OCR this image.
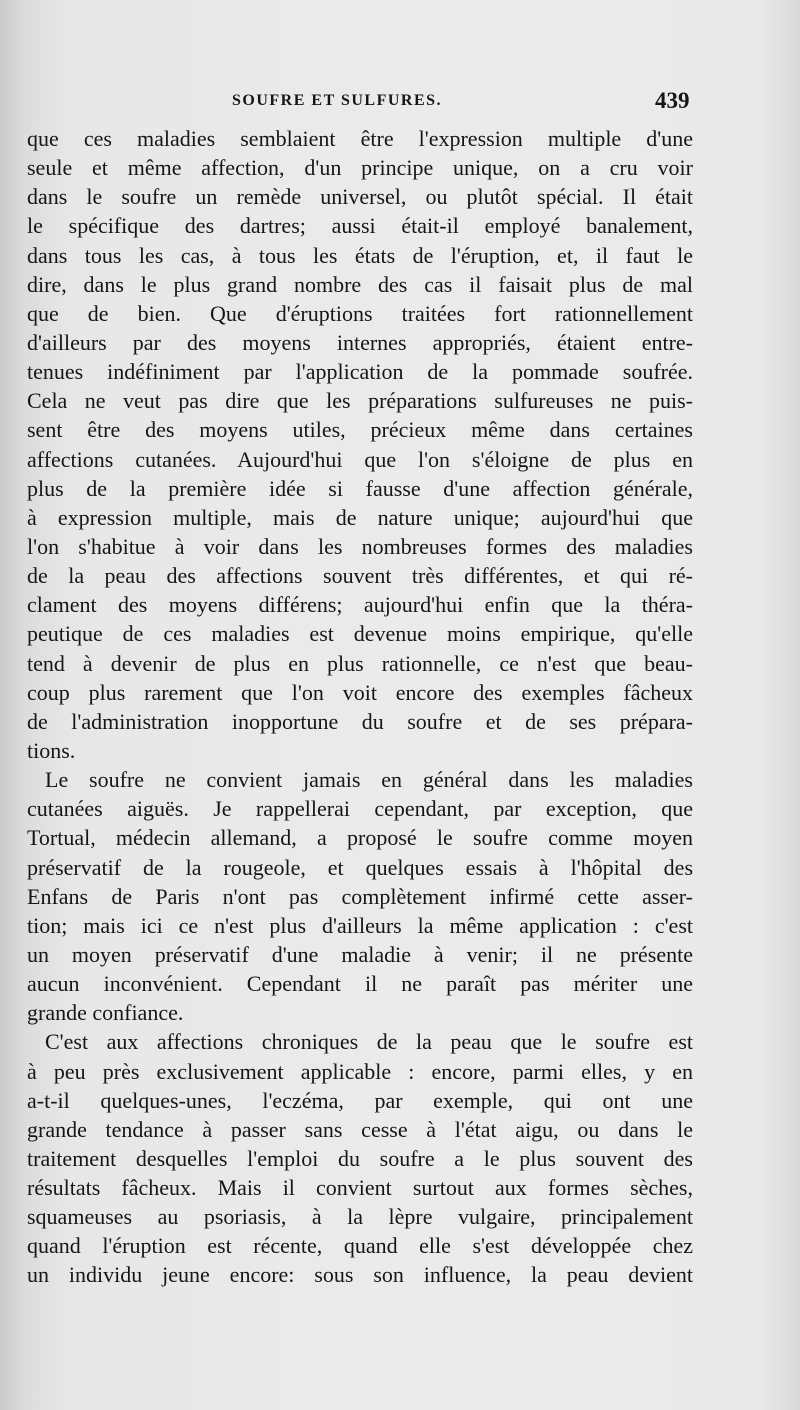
SOUFRE ET SULFURES.	439
que ces maladies semblaient être l'expression multiple d'une
seule et même affection, d'un principe unique, on a cru voir
dans le soufre un remède universel, ou plutôt spécial. Il était
le spécifique des dartres; aussi était-il employé banalement,
dans tous les cas, à tous les états de l'éruption, et, il faut le
dire, dans le plus grand nombre des cas il faisait plus de mal
que de bien. Que d'éruptions traitées fort rationnellement
d'ailleurs par des moyens internes appropriés, étaient entre-
tenues indéfiniment par l'application de la pommade soufrée.
Cela ne veut pas dire que les préparations sulfureuses ne puis-
sent être des moyens utiles, précieux même dans certaines
affections cutanées. Aujourd'hui que l'on s'éloigne de plus en
plus de la première idée si fausse d'une affection générale,
à expression multiple, mais de nature unique; aujourd'hui que
l'on s'habitue à voir dans les nombreuses formes des maladies
de la peau des affections souvent très différentes, et qui ré-
clament des moyens différens; aujourd'hui enfin que la théra-
peutique de ces maladies est devenue moins empirique, qu'elle
tend à devenir de plus en plus rationnelle, ce n'est que beau-
coup plus rarement que l'on voit encore des exemples fâcheux
de l'administration inopportune du soufre et de ses prépara-
tions.
Le soufre ne convient jamais en général dans les maladies
cutanées aiguës. Je rappellerai cependant, par exception, que
Tortual, médecin allemand, a proposé le soufre comme moyen
préservatif de la rougeole, et quelques essais à l'hôpital des
Enfans de Paris n'ont pas complètement infirmé cette asser-
tion; mais ici ce n'est plus d'ailleurs la même application : c'est
un moyen préservatif d'une maladie à venir; il ne présente
aucun inconvénient. Cependant il ne paraît pas mériter une
grande confiance.
C'est aux affections chroniques de la peau que le soufre est
à peu près exclusivement applicable : encore, parmi elles, y en
a-t-il quelques-unes, l'eczéma, par exemple, qui ont une
grande tendance à passer sans cesse à l'état aigu, ou dans le
traitement desquelles l'emploi du soufre a le plus souvent des
résultats fâcheux. Mais il convient surtout aux formes sèches,
squameuses au psoriasis, à la lèpre vulgaire, principalement
quand l'éruption est récente, quand elle s'est développée chez
un individu jeune encore: sous son influence, la peau devient
